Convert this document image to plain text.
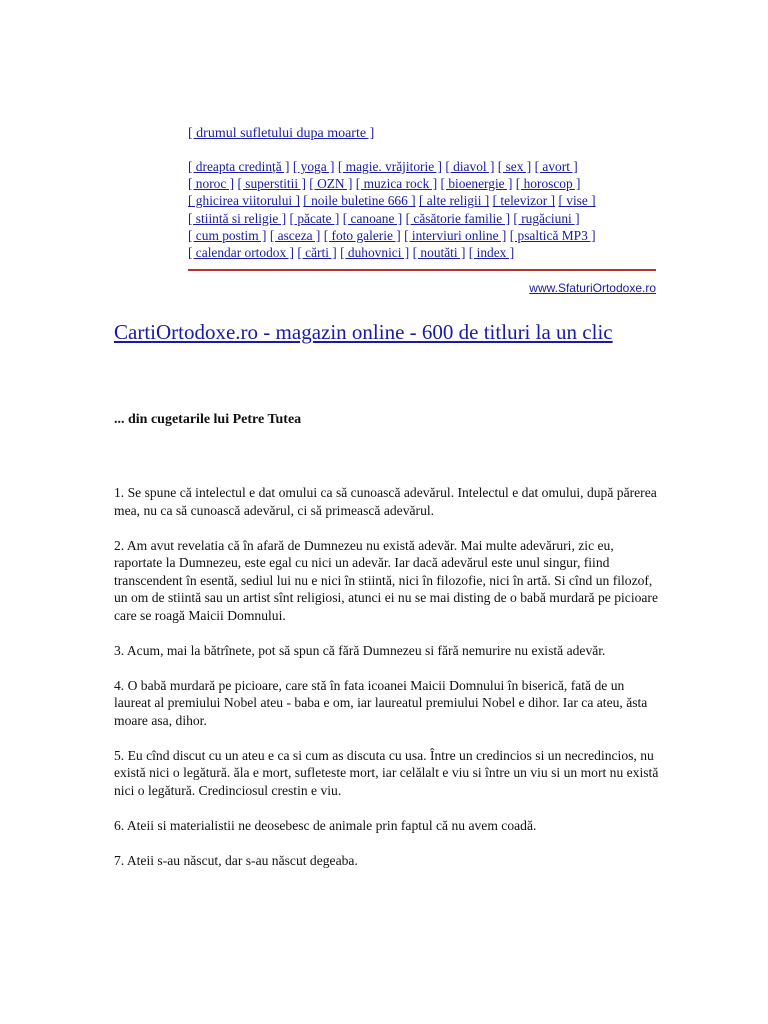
[ drumul sufletului dupa moarte ]
[ dreapta credință ] [ yoga ] [ magie. vrăjitorie ] [ diavol ] [ sex ] [ avort ]
[ noroc ] [ superstitii ] [ OZN ] [ muzica rock ] [ bioenergie ] [ horoscop ]
[ ghicirea viitorului ] [ noile buletine 666 ] [ alte religii ] [ televizor ] [ vise ]
[ stiintă si religie ] [ păcate ] [ canoane ] [ căsătorie familie ] [ rugăciuni ]
[ cum postim ] [ asceza ] [ foto galerie ] [ interviuri online ] [ psaltică MP3 ]
[ calendar ortodox ] [ cărti ] [ duhovnici ] [ noutăti ] [ index ]
www.SfaturiOrtodoxe.ro
CartiOrtodoxe.ro - magazin online - 600 de titluri la un clic
... din cugetarile lui Petre Tutea

1. Se spune că intelectul e dat omului ca să cunoască adevărul. Intelectul e dat omului, după părerea mea, nu ca să cunoască adevărul, ci să primească adevărul.

2. Am avut revelatia că în afară de Dumnezeu nu există adevăr. Mai multe adevăruri, zic eu, raportate la Dumnezeu, este egal cu nici un adevăr. Iar dacă adevărul este unul singur, fiind transcendent în esentă, sediul lui nu e nici în stiintă, nici în filozofie, nici în artă. Si cînd un filozof, un om de stiintă sau un artist sînt religiosi, atunci ei nu se mai disting de o babă murdară pe picioare care se roagă Maicii Domnului.

3. Acum, mai la bătrînete, pot să spun că fără Dumnezeu si fără nemurire nu există adevăr.

4. O babă murdară pe picioare, care stă în fata icoanei Maicii Domnului în biserică, fată de un laureat al premiului Nobel ateu - baba e om, iar laureatul premiului Nobel e dihor. Iar ca ateu, ăsta moare asa, dihor.

5. Eu cînd discut cu un ateu e ca si cum as discuta cu usa. Între un credincios si un necredincios, nu există nici o legătură. ăla e mort, sufleteste mort, iar celălalt e viu si între un viu si un mort nu există nici o legătură. Credinciosul crestin e viu.

6. Ateii si materialistii ne deosebesc de animale prin faptul că nu avem coadă.

7. Ateii s-au născut, dar s-au născut degeaba.
